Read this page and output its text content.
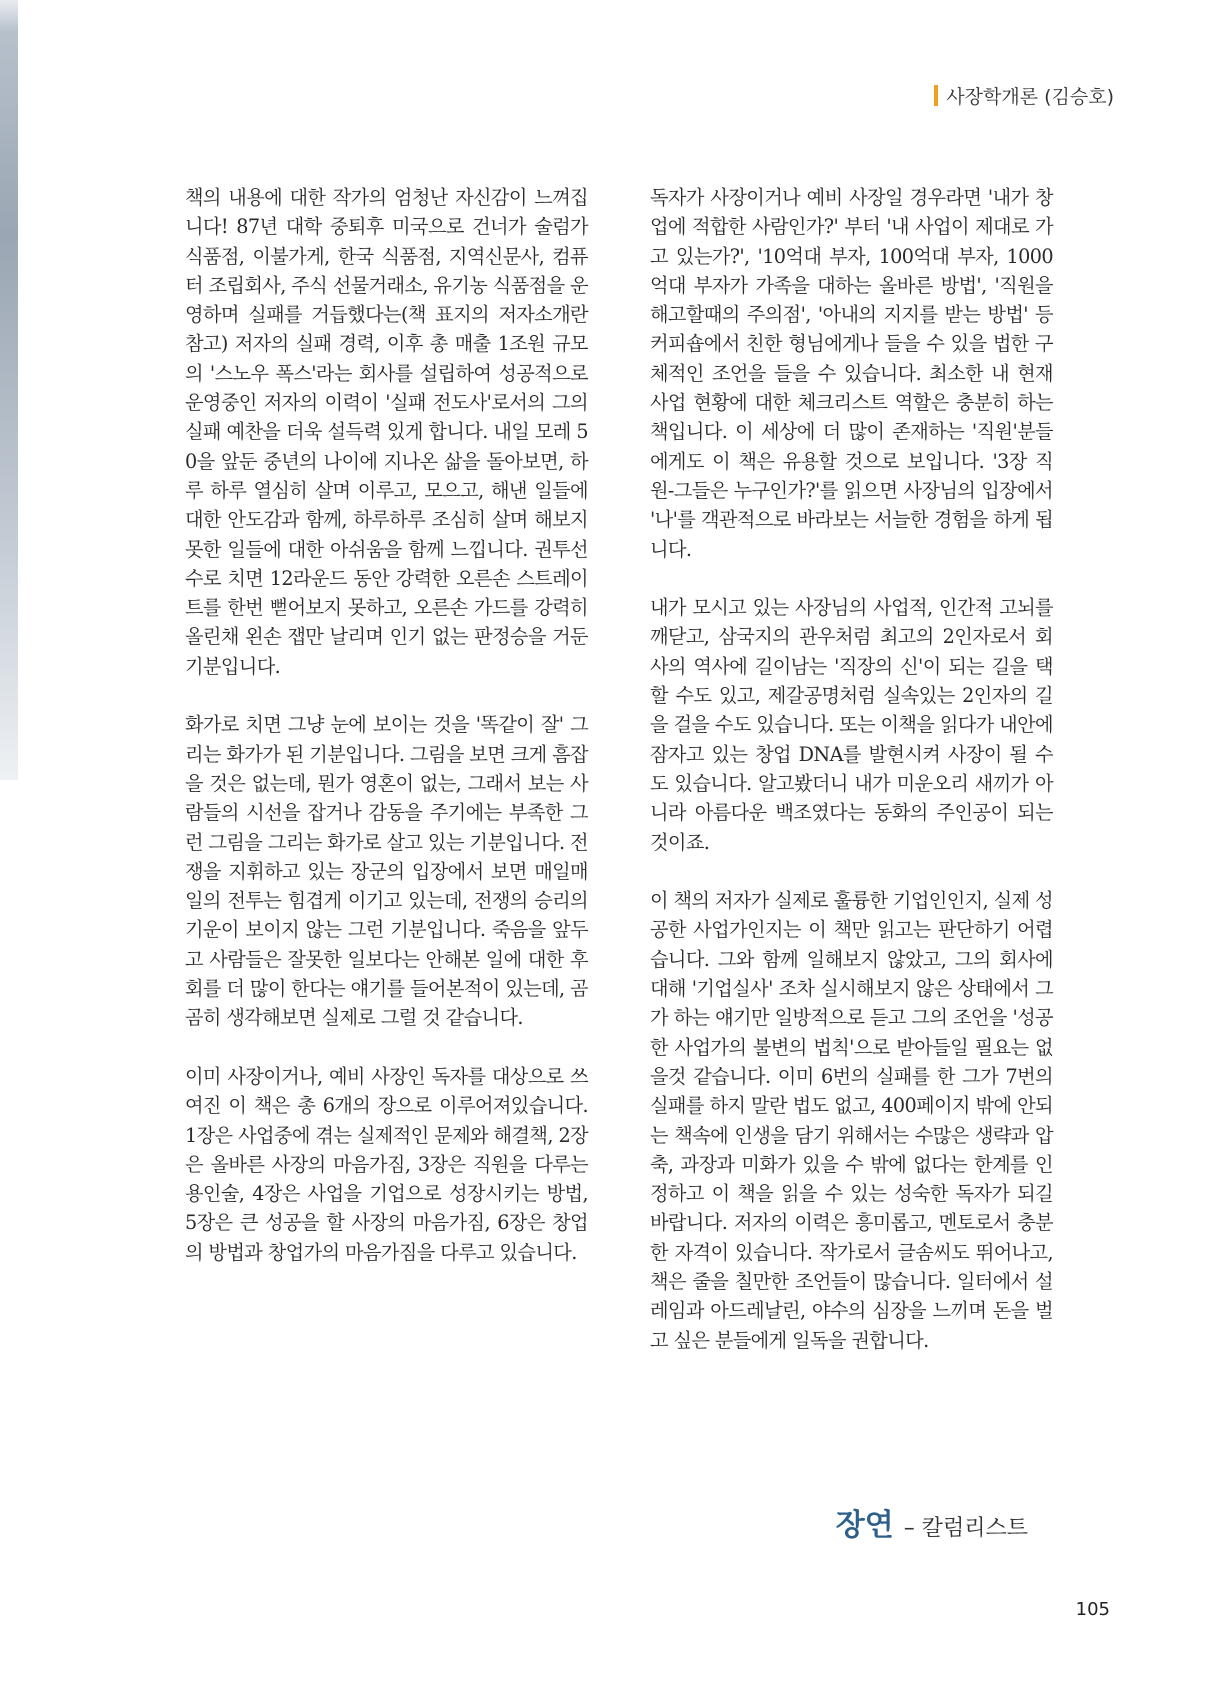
사장학개론 (김승호)

책의 내용에 대한 작가의 엄청난 자신감이 느껴집니다! 87년 대학 중퇴후 미국으로 건너가 술럼가 식품점, 이불가게, 한국 식품점, 지역신문사, 컴퓨터 조립회사, 주식 선물거래소, 유기농 식품점을 운영하며 실패를 거듭했다는(책 표지의 저자소개란 참고) 저자의 실패 경력, 이후 총 매출 1조원 규모의 '스노우 폭스'라는 회사를 설립하여 성공적으로 운영중인 저자의 이력이 '실패 전도사'로서의 그의 실패 예찬을 더욱 설득력 있게 합니다. 내일 모레 50을 앞둔 중년의 나이에 지나온 삶을 돌아보면, 하루 하루 열심히 살며 이루고, 모으고, 해낸 일들에 대한 안도감과 함께, 하루하루 조심히 살며 해보지 못한 일들에 대한 아쉬움을 함께 느낍니다. 권투선수로 치면 12라운드 동안 강력한 오른손 스트레이트를 한번 뻗어보지 못하고, 오른손 가드를 강력히 올린채 왼손 잽만 날리며 인기 없는 판정승을 거둔 기분입니다.

화가로 치면 그냥 눈에 보이는 것을 '똑같이 잘' 그리는 화가가 된 기분입니다. 그림을 보면 크게 흠잡을 것은 없는데, 뭔가 영혼이 없는, 그래서 보는 사람들의 시선을 잡거나 감동을 주기에는 부족한 그런 그림을 그리는 화가로 살고 있는 기분입니다. 전쟁을 지휘하고 있는 장군의 입장에서 보면 매일매일의 전투는 힘겹게 이기고 있는데, 전쟁의 승리의 기운이 보이지 않는 그런 기분입니다. 죽음을 앞두고 사람들은 잘못한 일보다는 안해본 일에 대한 후회를 더 많이 한다는 얘기를 들어본적이 있는데, 곰곰히 생각해보면 실제로 그럴 것 같습니다.

이미 사장이거나, 예비 사장인 독자를 대상으로 쓰여진 이 책은 총 6개의 장으로 이루어져있습니다. 1장은 사업중에 겪는 실제적인 문제와 해결책, 2장은 올바른 사장의 마음가짐, 3장은 직원을 다루는 용인술, 4장은 사업을 기업으로 성장시키는 방법, 5장은 큰 성공을 할 사장의 마음가짐, 6장은 창업의 방법과 창업가의 마음가짐을 다루고 있습니다.

독자가 사장이거나 예비 사장일 경우라면 '내가 창업에 적합한 사람인가?' 부터 '내 사업이 제대로 가고 있는가?', '10억대 부자, 100억대 부자, 1000억대 부자가 가족을 대하는 올바른 방법', '직원을 해고할때의 주의점', '아내의 지지를 받는 방법' 등 커피숍에서 친한 형님에게나 들을 수 있을 법한 구체적인 조언을 들을 수 있습니다. 최소한 내 현재 사업 현황에 대한 체크리스트 역할은 충분히 하는 책입니다. 이 세상에 더 많이 존재하는 '직원'분들에게도 이 책은 유용할 것으로 보입니다. '3장 직원-그들은 누구인가?'를 읽으면 사장님의 입장에서 '나'를 객관적으로 바라보는 서늘한 경험을 하게 됩니다.

내가 모시고 있는 사장님의 사업적, 인간적 고뇌를 깨닫고, 삼국지의 관우처럼 최고의 2인자로서 회사의 역사에 길이남는 '직장의 신'이 되는 길을 택할 수도 있고, 제갈공명처럼 실속있는 2인자의 길을 걸을 수도 있습니다. 또는 이책을 읽다가 내안에 잠자고 있는 창업 DNA를 발현시켜 사장이 될 수도 있습니다. 알고봤더니 내가 미운오리 새끼가 아니라 아름다운 백조였다는 동화의 주인공이 되는 것이죠.

이 책의 저자가 실제로 훌륭한 기업인인지, 실제 성공한 사업가인지는 이 책만 읽고는 판단하기 어렵습니다. 그와 함께 일해보지 않았고, 그의 회사에 대해 '기업실사' 조차 실시해보지 않은 상태에서 그가 하는 얘기만 일방적으로 듣고 그의 조언을 '성공한 사업가의 불변의 법칙'으로 받아들일 필요는 없을것 같습니다. 이미 6번의 실패를 한 그가 7번의 실패를 하지 말란 법도 없고, 400페이지 밖에 안되는 책속에 인생을 담기 위해서는 수많은 생략과 압축, 과장과 미화가 있을 수 밖에 없다는 한계를 인정하고 이 책을 읽을 수 있는 성숙한 독자가 되길 바랍니다. 저자의 이력은 흥미롭고, 멘토로서 충분한 자격이 있습니다. 작가로서 글솜씨도 뛰어나고, 책은 줄을 칠만한 조언들이 많습니다. 일터에서 설레임과 아드레날린, 야수의 심장을 느끼며 돈을 벌고 싶은 분들에게 일독을 권합니다.

장연 – 칼럼리스트
105
